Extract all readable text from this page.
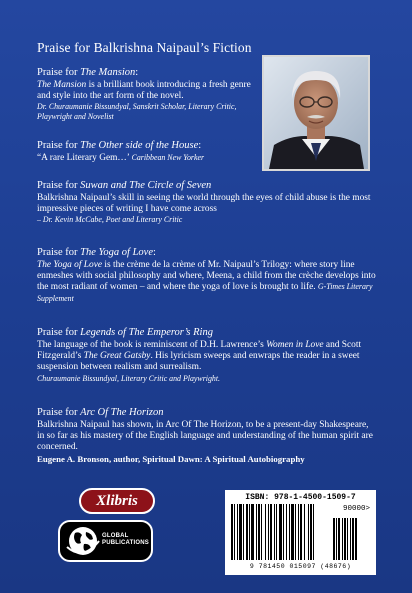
Praise for Balkrishna Naipaul’s Fiction
Praise for The Mansion:
The Mansion is a brilliant book introducing a fresh genre and style into the art form of the novel.
Dr. Churaumanie Bissundyal, Sanskrit Scholar, Literary Critic, Playwright and Novelist
Praise for The Other side of the House:
“A rare Literary Gem…’ Caribbean New Yorker
Praise for Suwan and The Circle of Seven
Balkrishna Naipaul’s skill in seeing the world through the eyes of child abuse is the most impressive pieces of writing I have come across
– Dr. Kevin McCabe, Poet and Literary Critic
Praise for The Yoga of Love:
The Yoga of Love is the crème de la crème of Mr. Naipaul’s Trilogy: where story line enmeshes with social philosophy and where, Meena, a child from the crèche develops into the most radiant of women – and where the yoga of love is brought to life. G-Times Literary Supplement
Praise for Legends of The Emperor’s Ring
The language of the book is reminiscent of D.H. Lawrence’s Women in Love and Scott Fitzgerald’s The Great Gatsby. His lyricism sweeps and enwraps the reader in a sweet suspension between realism and surrealism.
Churaumanie Bissundyal, Literary Critic and Playwright.
Praise for Arc Of The Horizon
Balkrishna Naipaul has shown, in Arc Of The Horizon, to be a present-day Shakespeare, in so far as his mastery of the English language and understanding of the human spirit are concerned.
Eugene A. Bronson, author, Spiritual Dawn: A Spiritual Autobiography
Xlibris
GLOBAL
PUBLICATIONS
ISBN: 978-1-4500-1509-7
90000>
9 781450 015097 (48676)
